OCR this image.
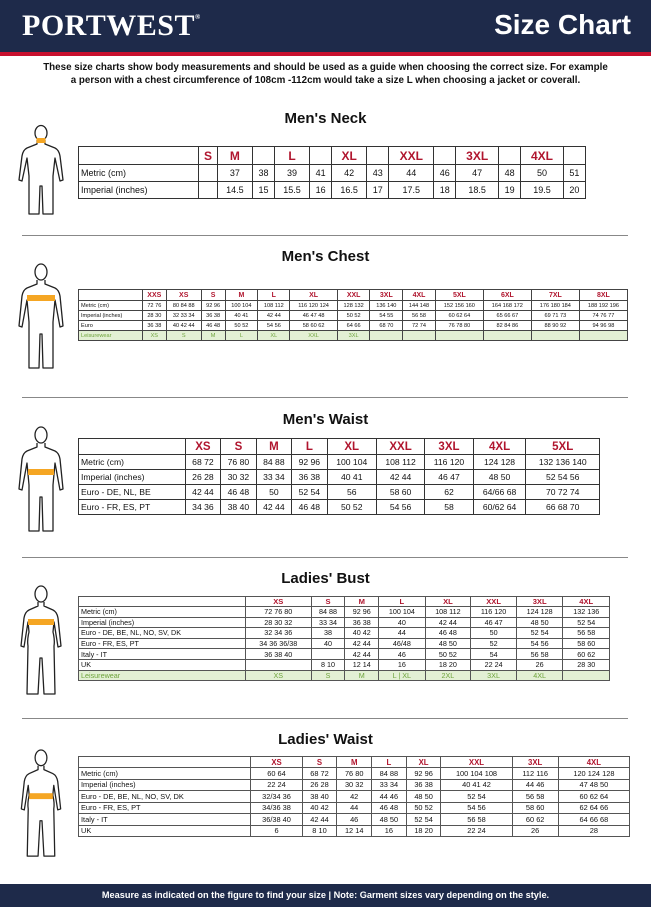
PORTWEST®	Size Chart
These size charts show body measurements and should be used as a guide when choosing the correct size. For example
a person with a chest circumference of 108cm -112cm would take a size L when choosing a jacket or coverall.
Men's Neck
	S	M		L		XL		XXL		3XL		4XL	
Metric (cm)		37	38	39	41	42	43	44	46	47	48	50	51
Imperial (inches)		14.5	15	15.5	16	16.5	17	17.5	18	18.5	19	19.5	20
Men's Chest
	XXS	XS	S	M	L	XL	XXL	3XL	4XL	5XL	6XL	7XL	8XL
Metric (cm)	72 76	80 84 88	92 96	100 104	108 112	116 120 124	128 132	136 140	144 148	152 156 160	164 168 172	176 180 184	188 192 196
Imperial (inches)	28 30	32 33 34	36 38	40 41	42 44	46 47 48	50 52	54 55	56 58	60 62 64	65 66 67	69 71 73	74 76 77
Euro	36 38	40 42 44	46 48	50 52	54 56	58 60 62	64 66	68 70	72 74	76 78 80	82 84 86	88 90 92	94 96 98
Leisurewear	XS	S	M	L	XL	XXL	3XL						
Men's Waist
	XS	S	M	L	XL	XXL	3XL	4XL	5XL
Metric (cm)	68 72	76 80	84 88	92 96	100 104	108 112	116 120	124 128	132 136 140
Imperial (inches)	26 28	30 32	33 34	36 38	40 41	42 44	46 47	48 50	52 54 56
Euro - DE, NL, BE	42 44	46 48	50	52 54	56	58 60	62	64/66 68	70 72 74
Euro - FR, ES, PT	34 36	38 40	42 44	46 48	50 52	54 56	58	60/62 64	66 68 70
Ladies' Bust
	XS	S	M	L	XL	XXL	3XL	4XL
Metric (cm)	72 76 80	84 88	92 96	100 104	108 112	116 120	124 128	132 136
Imperial (inches)	28 30 32	33 34	36 38	40	42 44	46 47	48 50	52 54
Euro - DE, BE, NL, NO, SV, DK	32 34 36	38	40 42	44	46 48	50	52 54	56 58
Euro - FR, ES, PT	34 36 36/38	40	42 44	46/48	48 50	52	54 56	58 60
Italy - IT	36 38 40		42 44	46	50 52	54	56 58	60 62
UK		8 10	12 14	16	18 20	22 24	26	28 30
Leisurewear	XS	S	M	L | XL	2XL	3XL	4XL	
Ladies' Waist
	XS	S	M	L	XL	XXL	3XL	4XL
Metric (cm)	60 64	68 72	76 80	84 88	92 96	100 104 108	112 116	120 124 128
Imperial (inches)	22 24	26 28	30 32	33 34	36 38	40 41 42	44 46	47 48 50
Euro - DE, BE, NL, NO, SV, DK	32/34 36	38 40	42	44 46	48 50	52 54	56 58	60 62 64
Euro - FR, ES, PT	34/36 38	40 42	44	46 48	50 52	54 56	58 60	62 64 66
Italy - IT	36/38 40	42 44	46	48 50	52 54	56 58	60 62	64 66 68
UK	6	8 10	12 14	16	18 20	22 24	26	28
Measure as indicated on the figure to find your size | Note: Garment sizes vary depending on the style.
